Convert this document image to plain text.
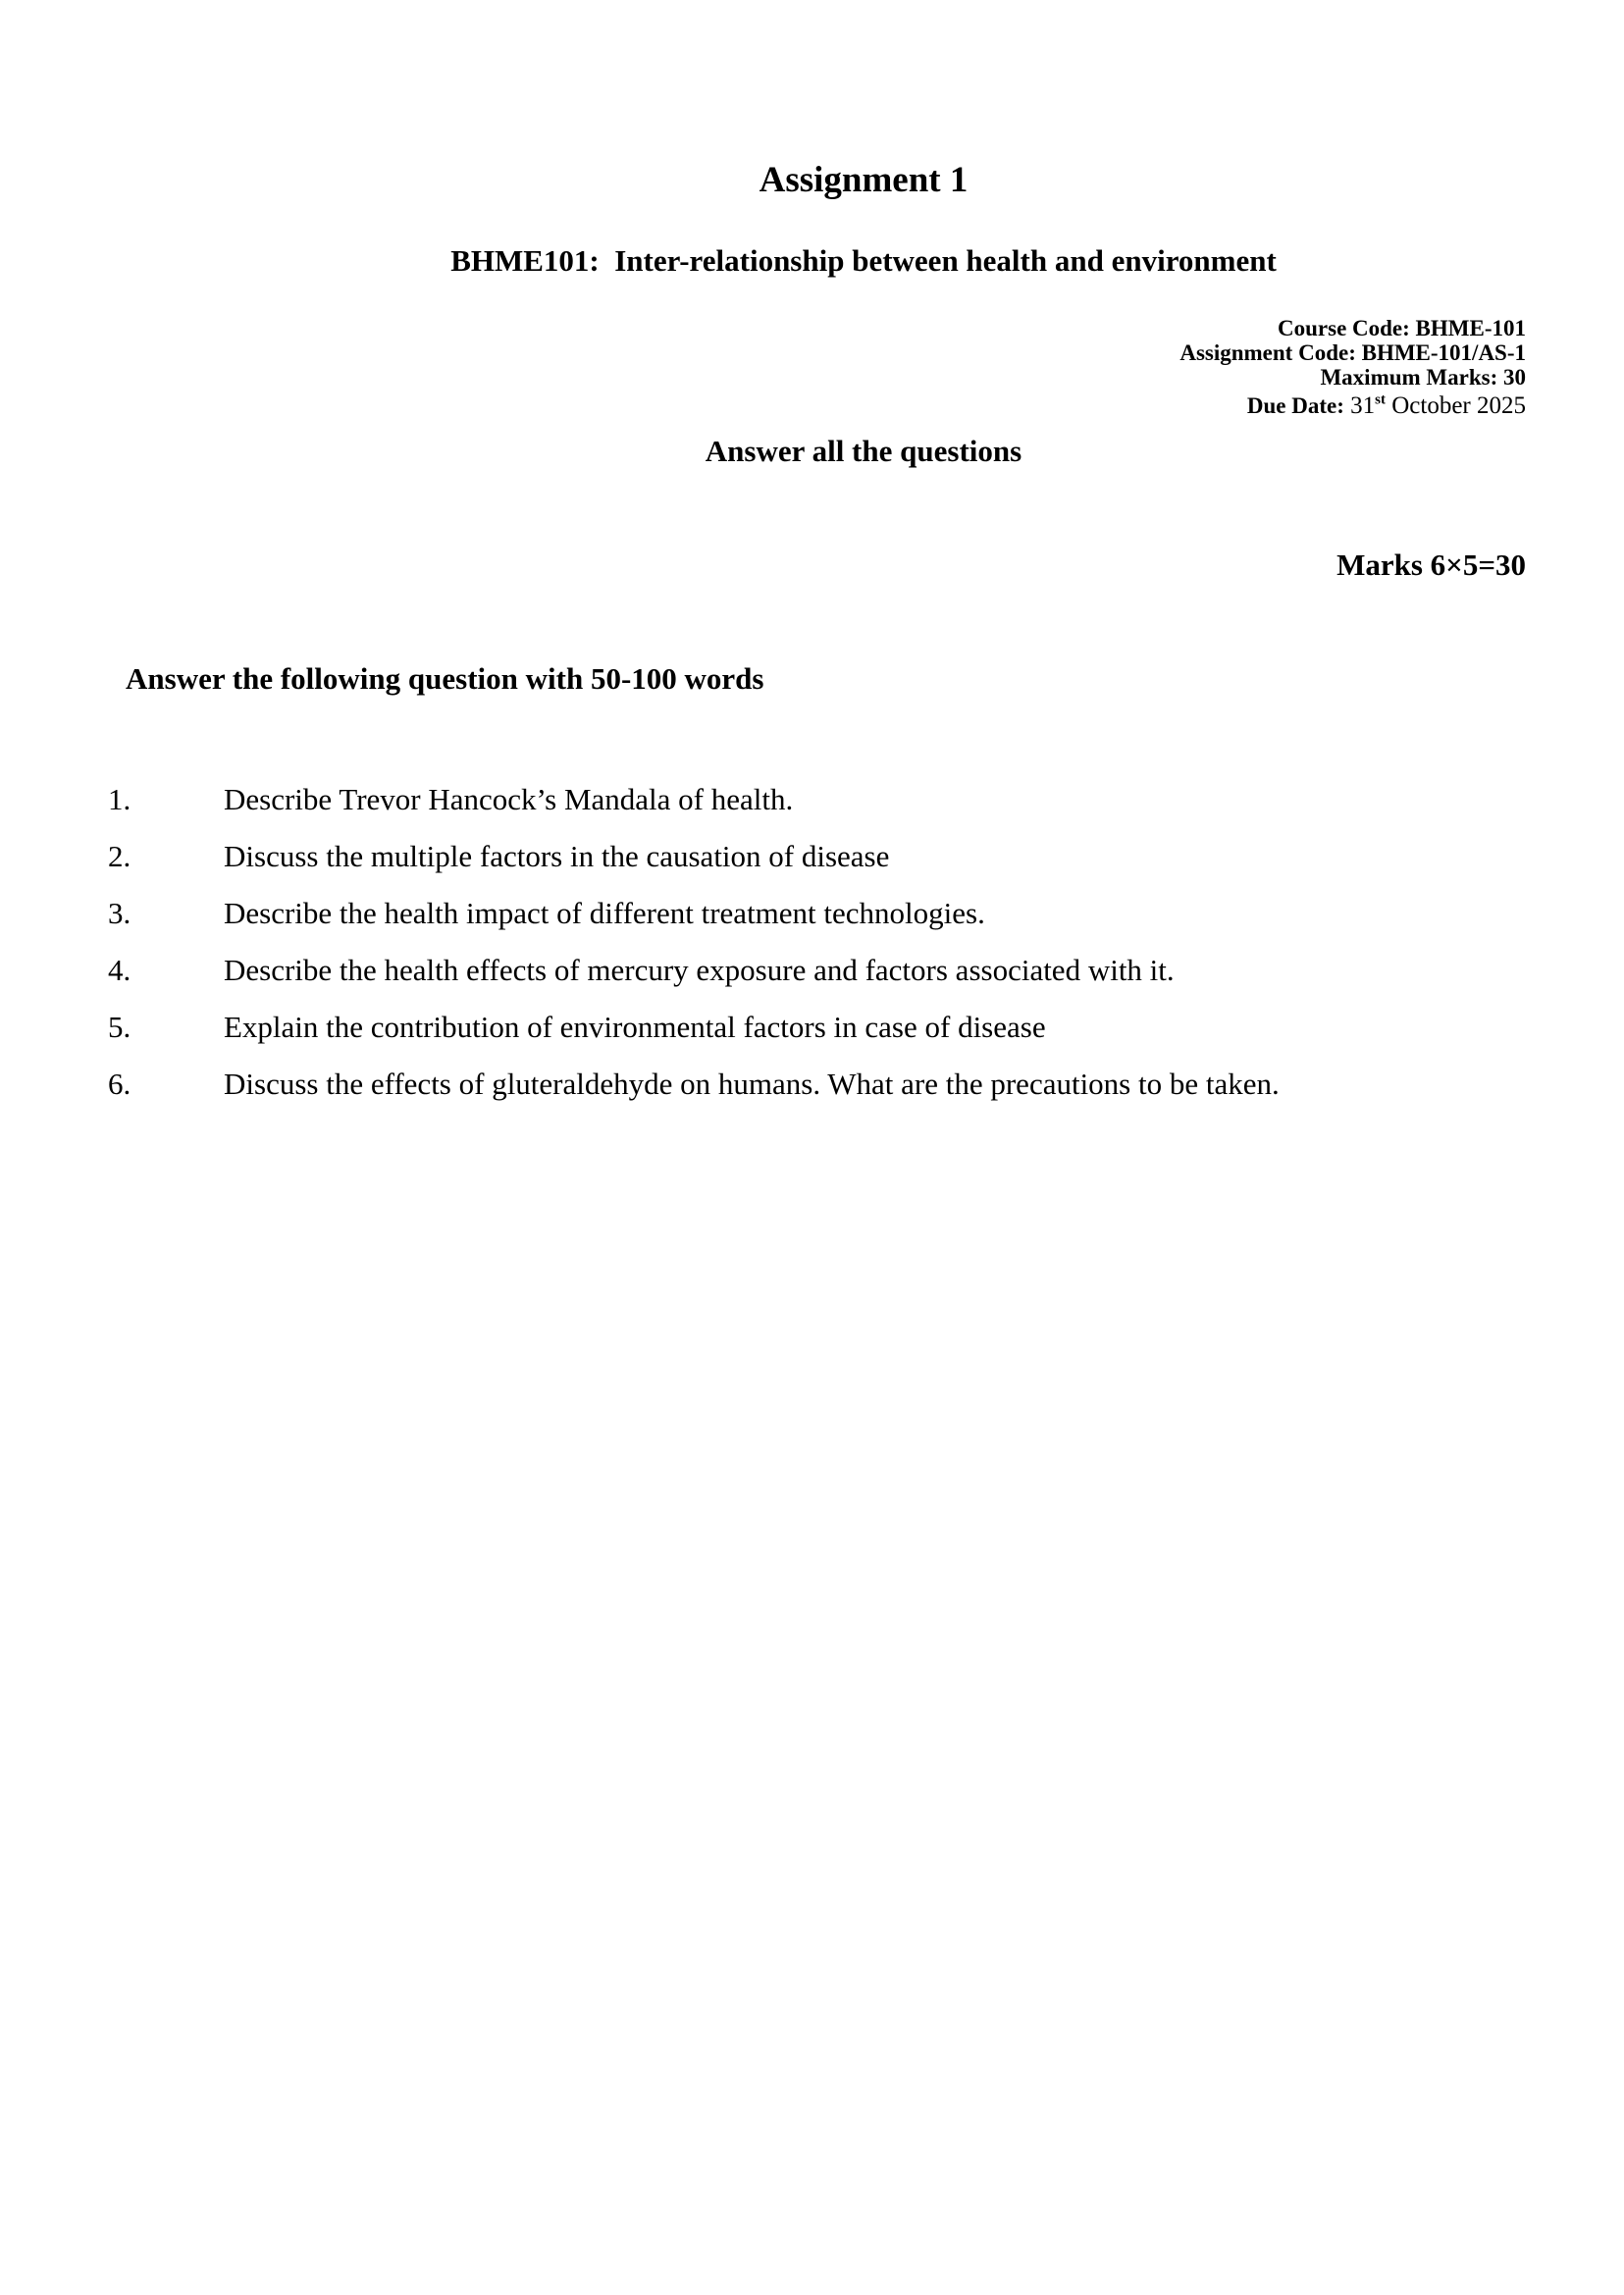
Assignment 1
BHME101:  Inter-relationship between health and environment
Course Code: BHME-101
Assignment Code: BHME-101/AS-1
Maximum Marks: 30
Due Date: 31st October 2025
Answer all the questions
Marks 6×5=30
Answer the following question with 50-100 words
1.	Describe Trevor Hancock’s Mandala of health.
2.	Discuss the multiple factors in the causation of disease
3.	Describe the health impact of different treatment technologies.
4.	Describe the health effects of mercury exposure and factors associated with it.
5.	Explain the contribution of environmental factors in case of disease
6.	Discuss the effects of gluteraldehyde on humans. What are the precautions to be taken.
